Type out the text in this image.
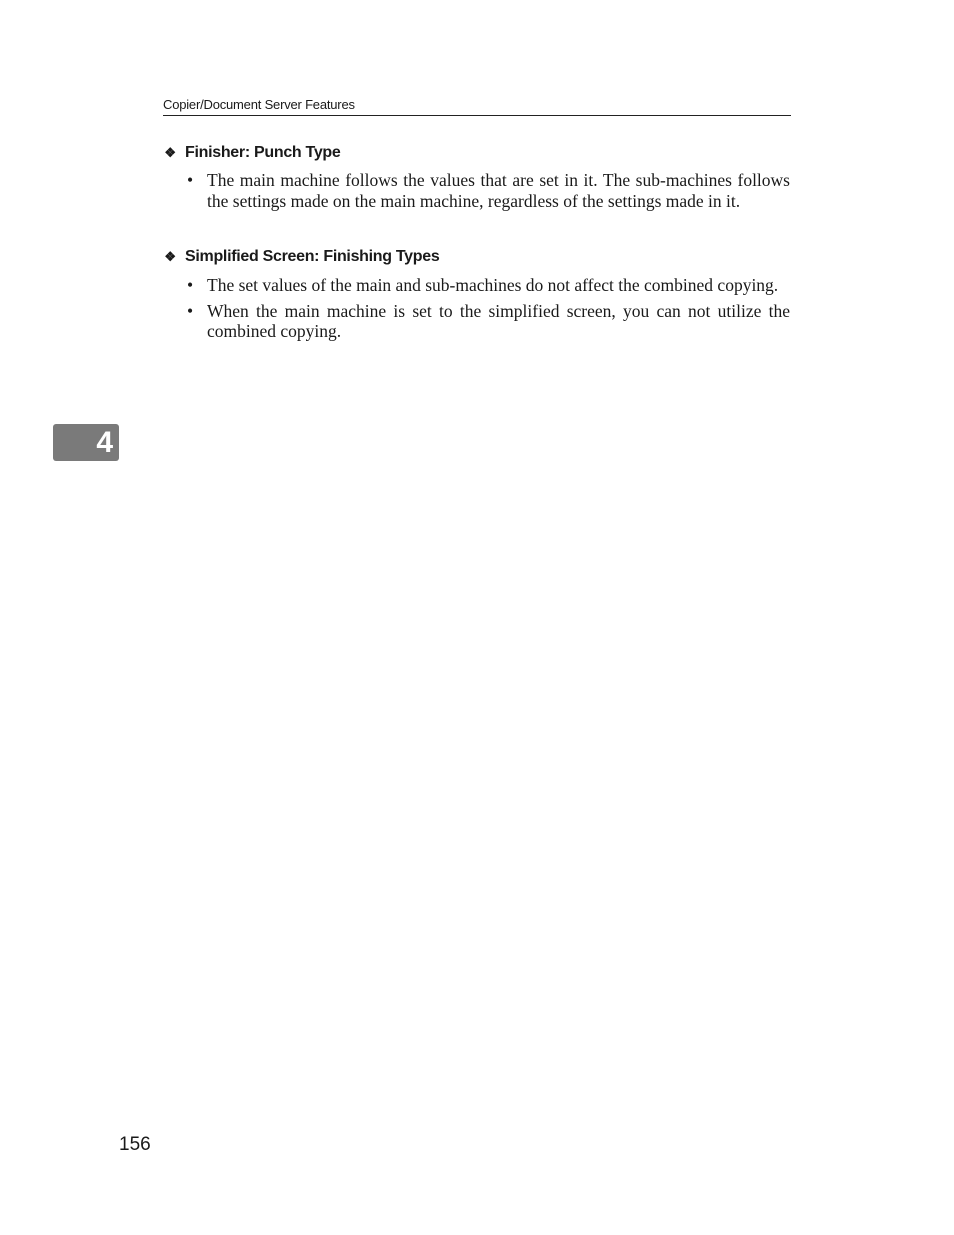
Copier/Document Server Features
❖ Finisher: Punch Type
• The main machine follows the values that are set in it. The sub-machines follows the settings made on the main machine, regardless of the settings made in it.
❖ Simplified Screen: Finishing Types
• The set values of the main and sub-machines do not affect the combined copying.
• When the main machine is set to the simplified screen, you can not utilize the combined copying.
4
156
